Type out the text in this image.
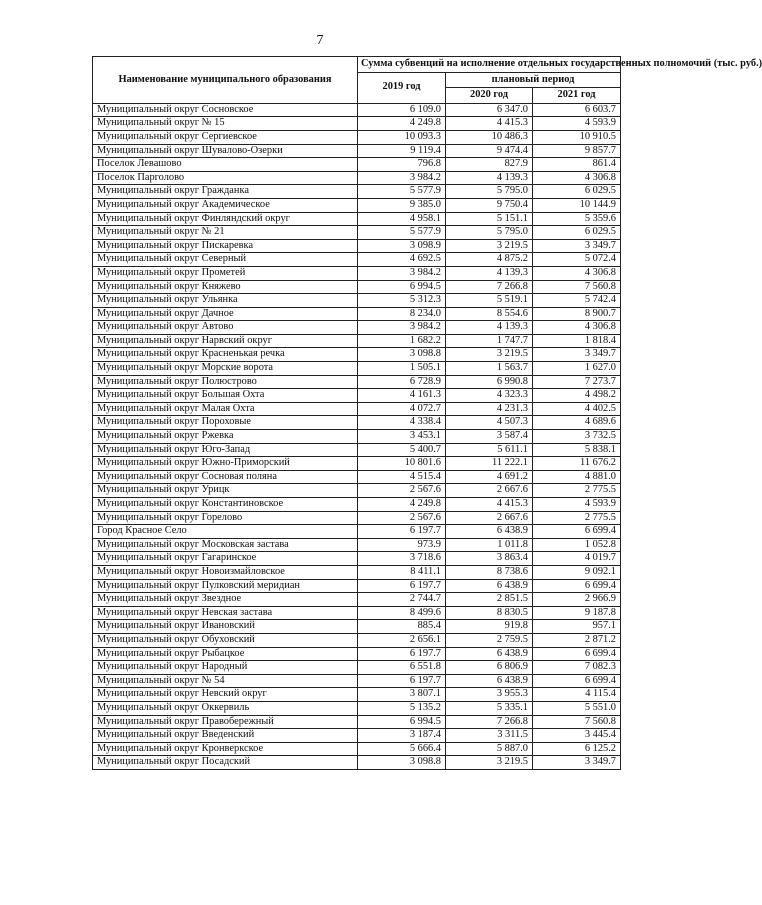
7
Наименование муниципального образования	Сумма субвенций на исполнение отдельных государственных полномочий (тыс. руб.)		
	2019 год	плановый период	
		2020 год	2021 год
Муниципальный округ Сосновское	6 109.0	6 347.0	6 603.7
Муниципальный округ № 15	4 249.8	4 415.3	4 593.9
Муниципальный округ Сергиевское	10 093.3	10 486.3	10 910.5
Муниципальный округ Шувалово-Озерки	9 119.4	9 474.4	9 857.7
Поселок Левашово	796.8	827.9	861.4
Поселок Парголово	3 984.2	4 139.3	4 306.8
Муниципальный округ Гражданка	5 577.9	5 795.0	6 029.5
Муниципальный округ Академическое	9 385.0	9 750.4	10 144.9
Муниципальный округ Финляндский округ	4 958.1	5 151.1	5 359.6
Муниципальный округ № 21	5 577.9	5 795.0	6 029.5
Муниципальный округ Пискаревка	3 098.9	3 219.5	3 349.7
Муниципальный округ Северный	4 692.5	4 875.2	5 072.4
Муниципальный округ Прометей	3 984.2	4 139.3	4 306.8
Муниципальный округ Княжево	6 994.5	7 266.8	7 560.8
Муниципальный округ Ульянка	5 312.3	5 519.1	5 742.4
Муниципальный округ Дачное	8 234.0	8 554.6	8 900.7
Муниципальный округ Автово	3 984.2	4 139.3	4 306.8
Муниципальный округ Нарвский округ	1 682.2	1 747.7	1 818.4
Муниципальный округ Красненькая речка	3 098.8	3 219.5	3 349.7
Муниципальный округ Морские ворота	1 505.1	1 563.7	1 627.0
Муниципальный округ Полюстрово	6 728.9	6 990.8	7 273.7
Муниципальный округ Большая Охта	4 161.3	4 323.3	4 498.2
Муниципальный округ Малая Охта	4 072.7	4 231.3	4 402.5
Муниципальный округ Пороховые	4 338.4	4 507.3	4 689.6
Муниципальный округ Ржевка	3 453.1	3 587.4	3 732.5
Муниципальный округ Юго-Запад	5 400.7	5 611.1	5 838.1
Муниципальный округ Южно-Приморский	10 801.6	11 222.1	11 676.2
Муниципальный округ Сосновая поляна	4 515.4	4 691.2	4 881.0
Муниципальный округ Урицк	2 567.6	2 667.6	2 775.5
Муниципальный округ Константиновское	4 249.8	4 415.3	4 593.9
Муниципальный округ Горелово	2 567.6	2 667.6	2 775.5
Город Красное Село	6 197.7	6 438.9	6 699.4
Муниципальный округ Московская застава	973.9	1 011.8	1 052.8
Муниципальный округ Гагаринское	3 718.6	3 863.4	4 019.7
Муниципальный округ Новоизмайловское	8 411.1	8 738.6	9 092.1
Муниципальный округ Пулковский меридиан	6 197.7	6 438.9	6 699.4
Муниципальный округ Звездное	2 744.7	2 851.5	2 966.9
Муниципальный округ Невская застава	8 499.6	8 830.5	9 187.8
Муниципальный округ Ивановский	885.4	919.8	957.1
Муниципальный округ Обуховский	2 656.1	2 759.5	2 871.2
Муниципальный округ Рыбацкое	6 197.7	6 438.9	6 699.4
Муниципальный округ Народный	6 551.8	6 806.9	7 082.3
Муниципальный округ № 54	6 197.7	6 438.9	6 699.4
Муниципальный округ Невский округ	3 807.1	3 955.3	4 115.4
Муниципальный округ Оккервиль	5 135.2	5 335.1	5 551.0
Муниципальный округ Правобережный	6 994.5	7 266.8	7 560.8
Муниципальный округ Введенский	3 187.4	3 311.5	3 445.4
Муниципальный округ Кронверкское	5 666.4	5 887.0	6 125.2
Муниципальный округ Посадский	3 098.8	3 219.5	3 349.7
